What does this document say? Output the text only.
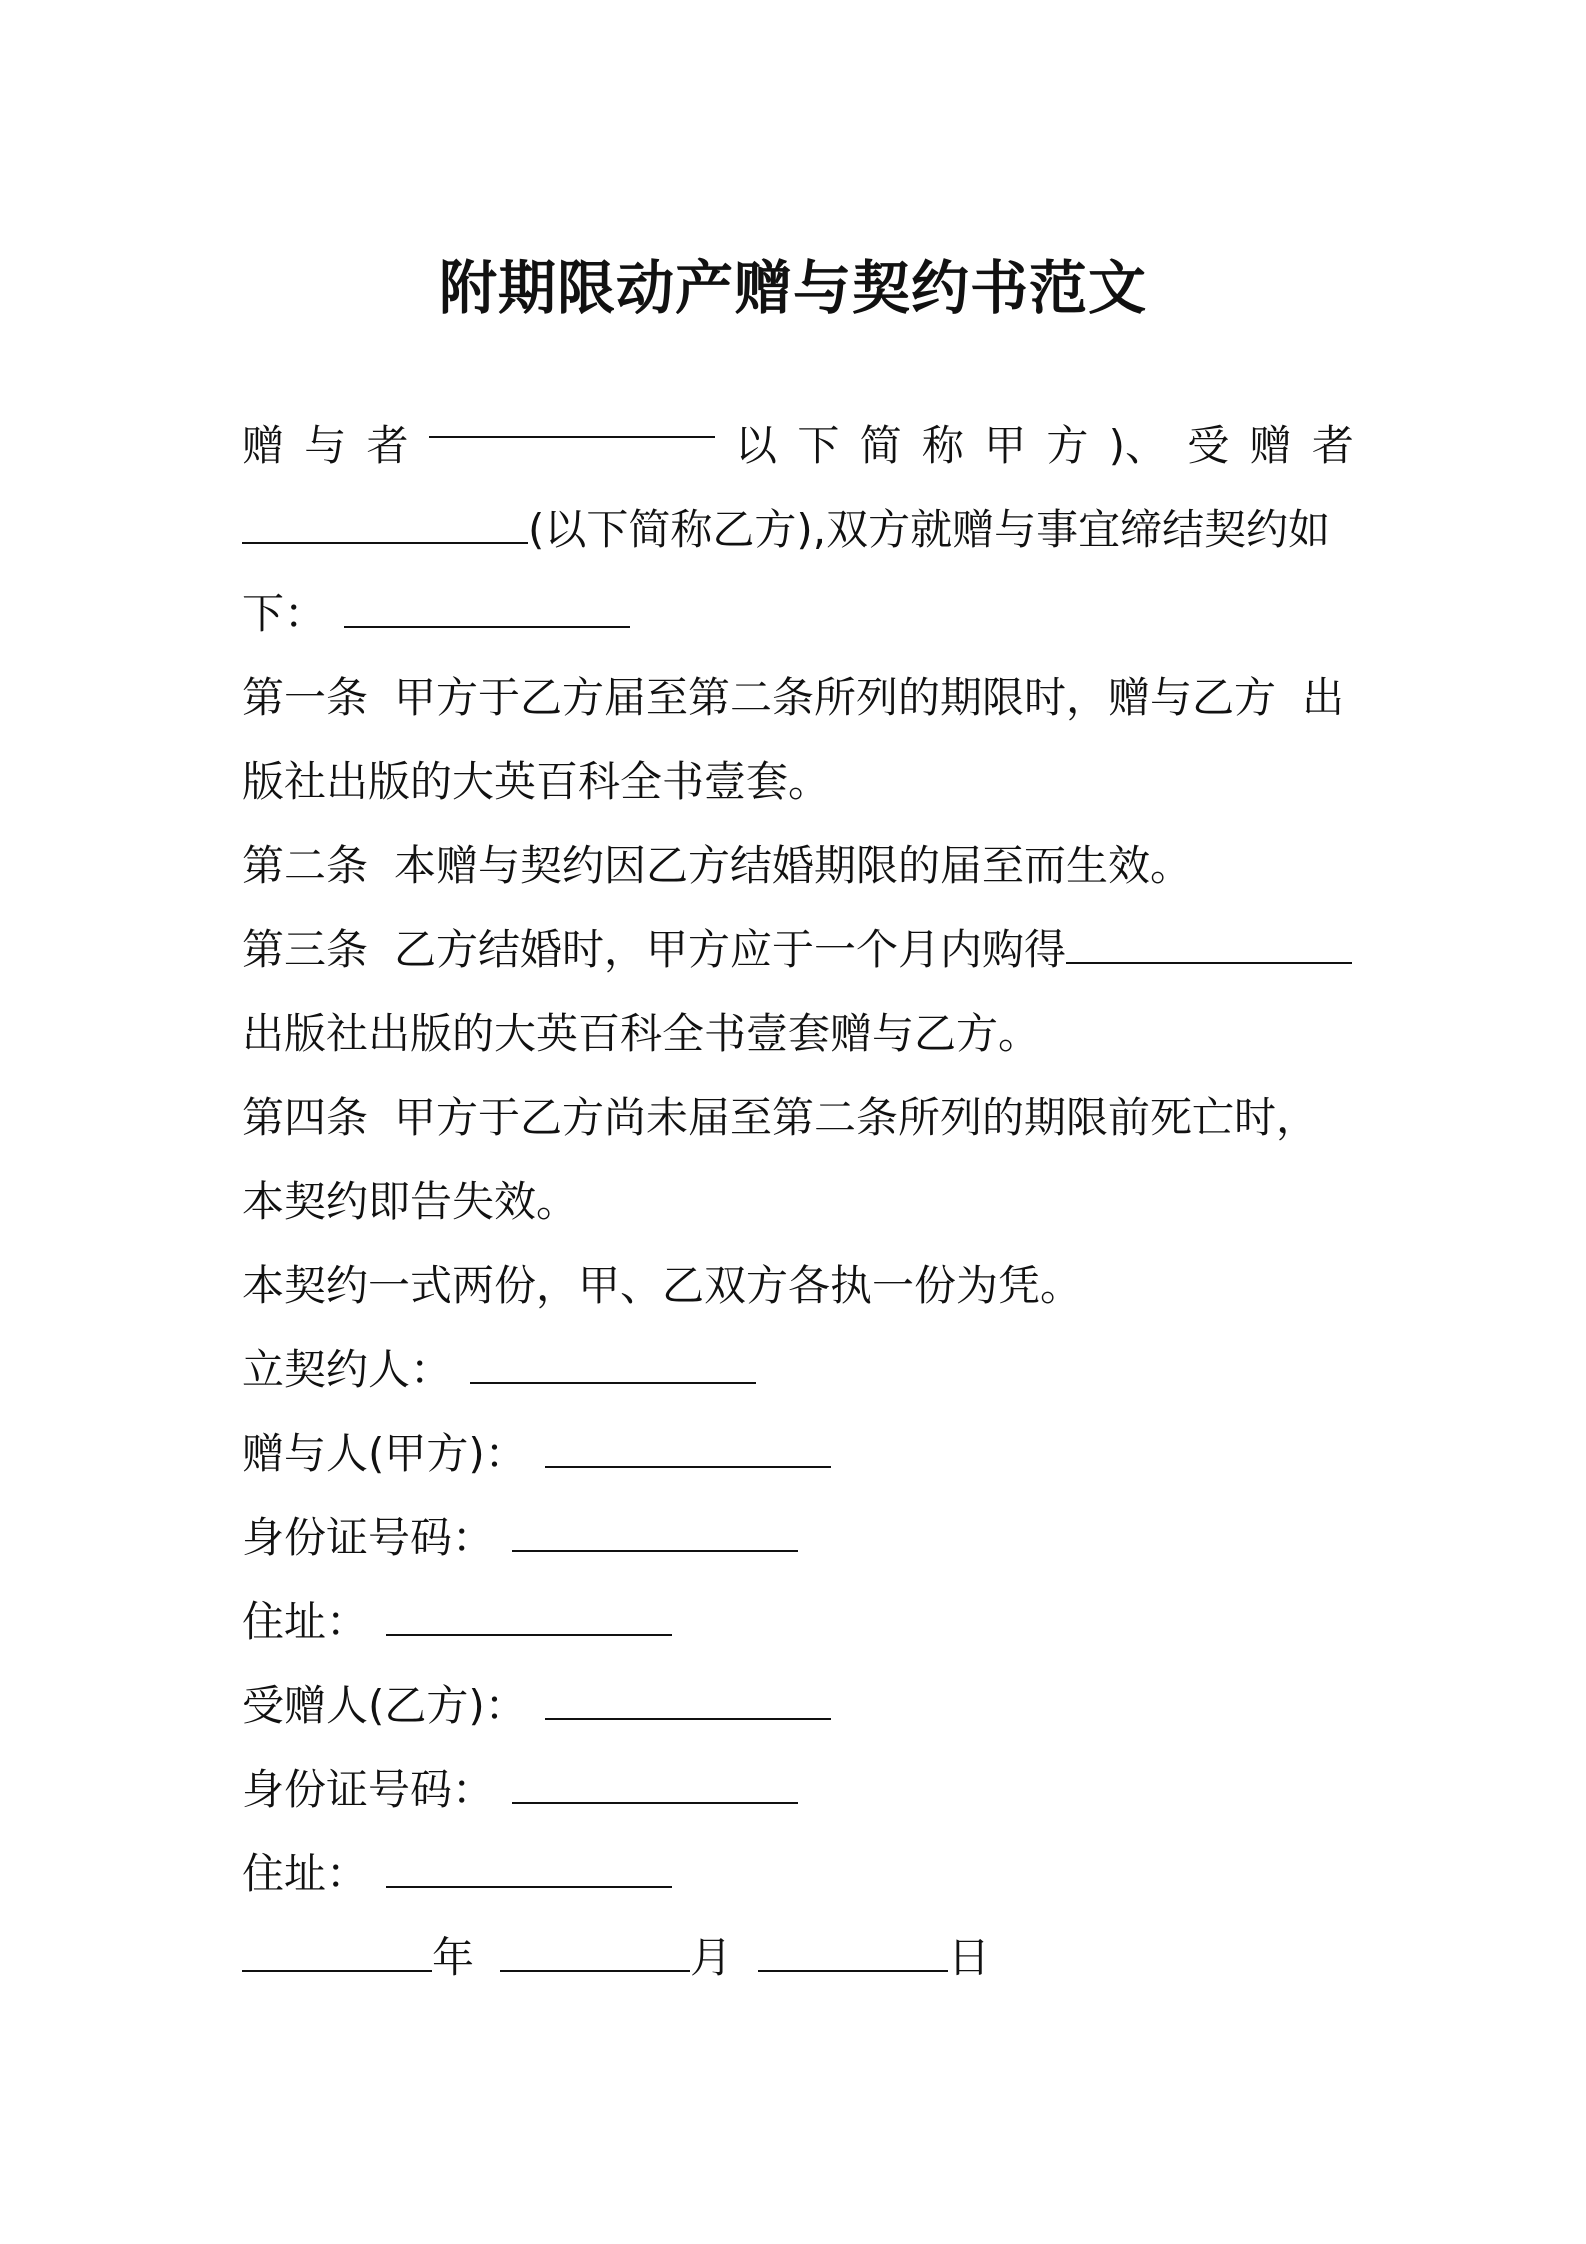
附期限动产赠与契约书范文
赠 与 者	以 下 简 称 甲 方 )、 受 赠 者
(以下简称乙方),双方就赠与事宜缔结契约如
下：
第一条 甲方于乙方届至第二条所列的期限时，赠与乙方 出
版社出版的大英百科全书壹套。
第二条 本赠与契约因乙方结婚期限的届至而生效。
第三条 乙方结婚时，甲方应于一个月内购得
出版社出版的大英百科全书壹套赠与乙方。
第四条 甲方于乙方尚未届至第二条所列的期限前死亡时，
本契约即告失效。
本契约一式两份，甲、乙双方各执一份为凭。
立契约人：
赠与人(甲方)：
身份证号码：
住址：
受赠人(乙方)：
身份证号码：
住址：
年	月	日
